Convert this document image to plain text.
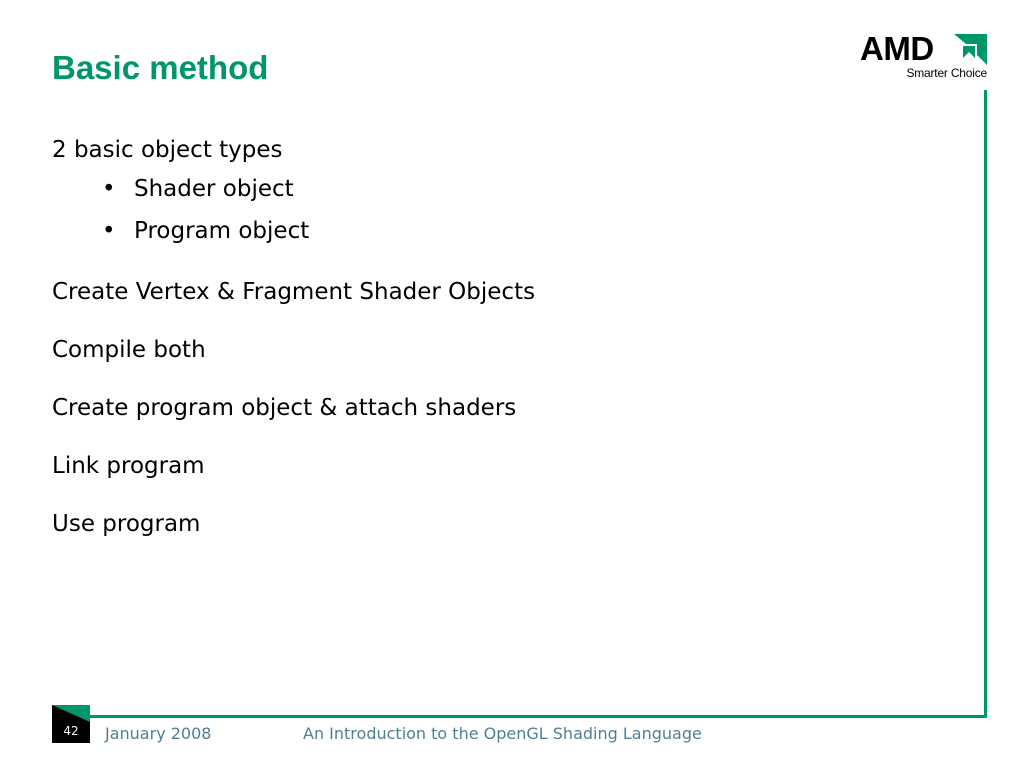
Basic method
AMD
Smarter Choice
2 basic object types
• Shader object
• Program object
Create Vertex & Fragment Shader Objects
Compile both
Create program object & attach shaders
Link program
Use program
42	January 2008	An Introduction to the OpenGL Shading Language
